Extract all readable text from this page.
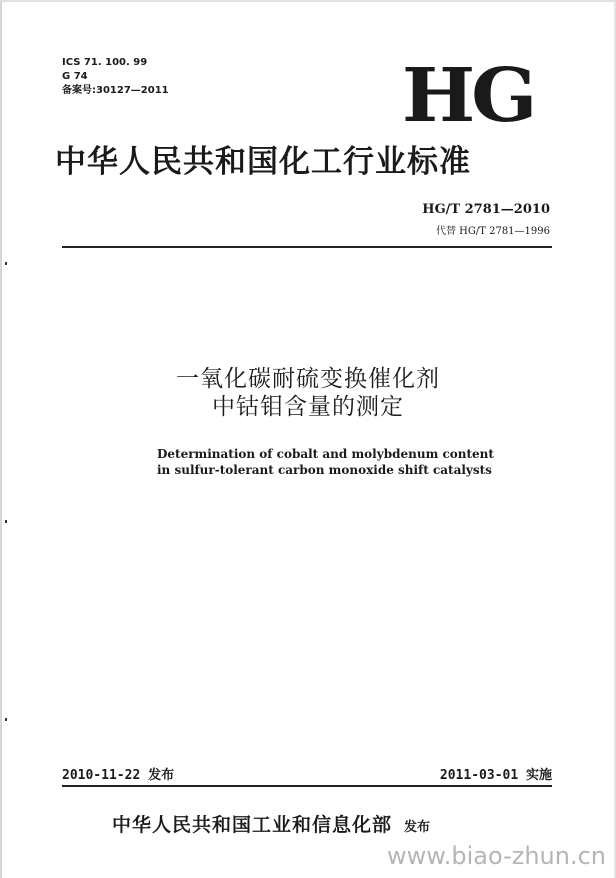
ICS 71. 100. 99
G 74
备案号:30127—2011	HG
中华人民共和国化工行业标准
HG/T 2781—2010
代替 HG/T 2781—1996
一氧化碳耐硫变换催化剂
中钴钼含量的测定
Determination of cobalt and molybdenum content
in sulfur-tolerant carbon monoxide shift catalysts
2010-11-22 发布	2011-03-01 实施
中华人民共和国工业和信息化部 发布
www.biao-zhun.cn
